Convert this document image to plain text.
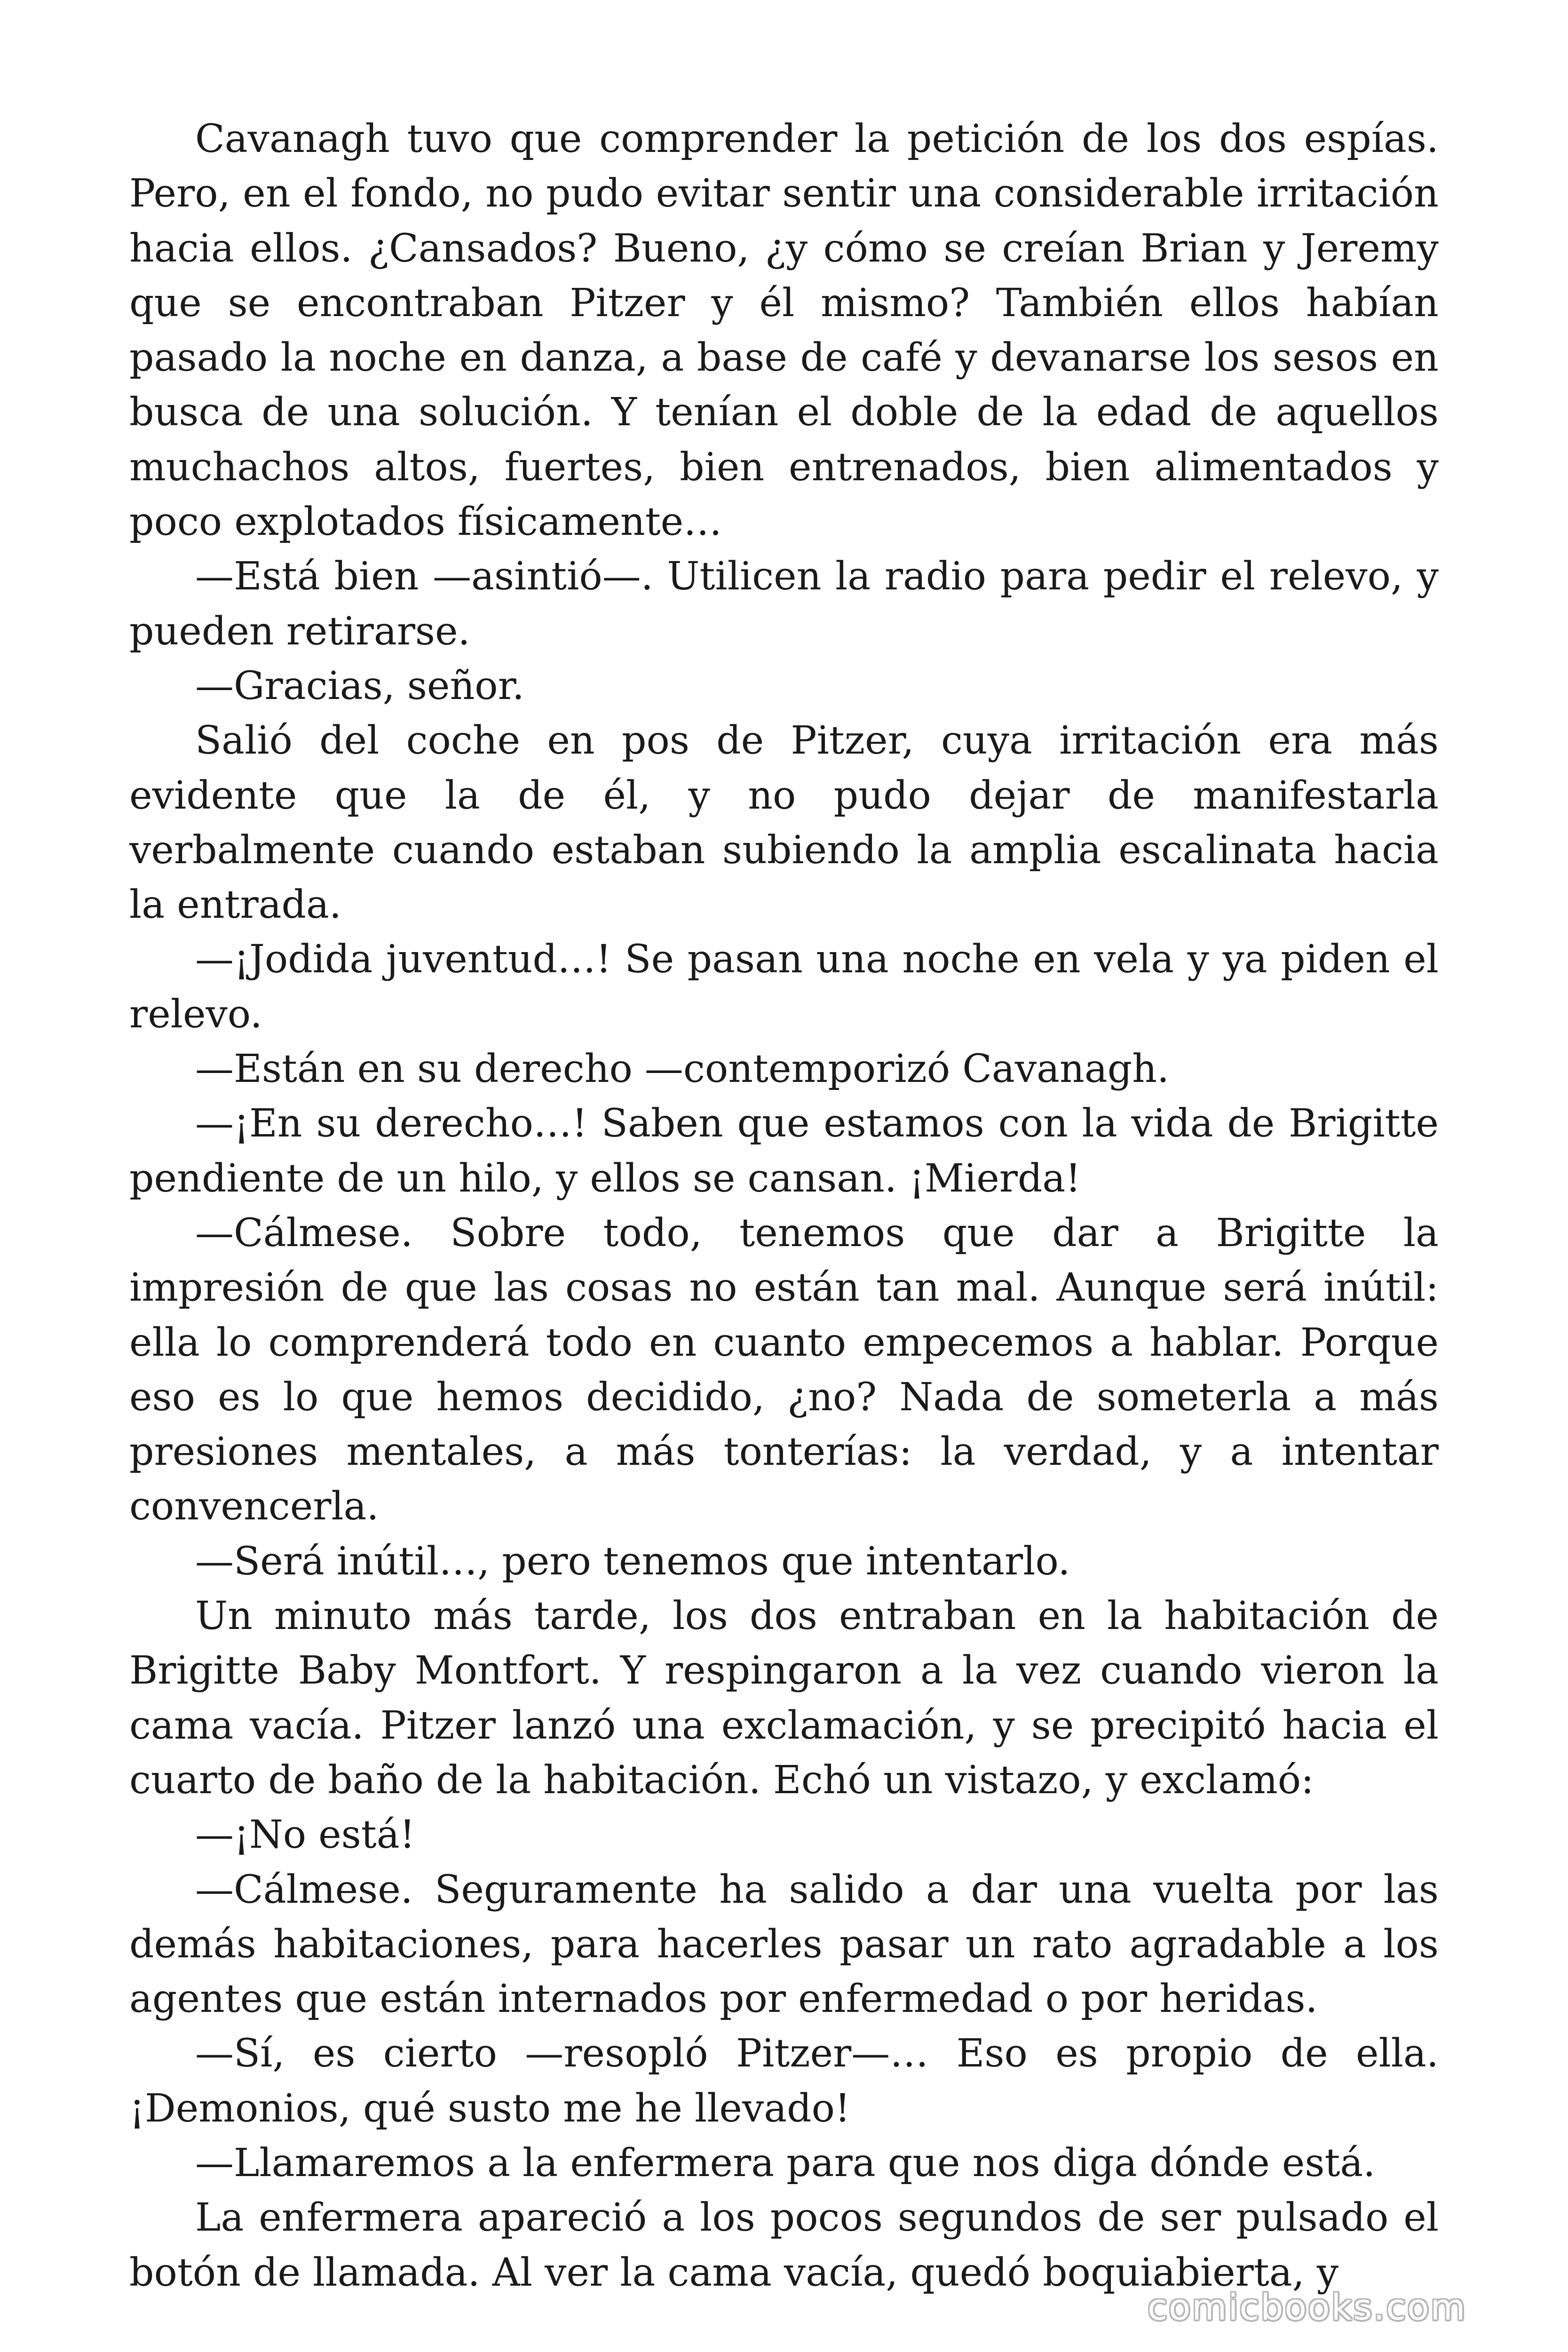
Cavanagh tuvo que comprender la petición de los dos espías. Pero, en el fondo, no pudo evitar sentir una considerable irritación hacia ellos. ¿Cansados? Bueno, ¿y cómo se creían Brian y Jeremy que se encontraban Pitzer y él mismo? También ellos habían pasado la noche en danza, a base de café y devanarse los sesos en busca de una solución. Y tenían el doble de la edad de aquellos muchachos altos, fuertes, bien entrenados, bien alimentados y poco explotados físicamente…

—Está bien —asintió—. Utilicen la radio para pedir el relevo, y pueden retirarse.

—Gracias, señor.

Salió del coche en pos de Pitzer, cuya irritación era más evidente que la de él, y no pudo dejar de manifestarla verbalmente cuando estaban subiendo la amplia escalinata hacia la entrada.

—¡Jodida juventud…! Se pasan una noche en vela y ya piden el relevo.

—Están en su derecho —contemporizó Cavanagh.

—¡En su derecho…! Saben que estamos con la vida de Brigitte pendiente de un hilo, y ellos se cansan. ¡Mierda!

—Cálmese. Sobre todo, tenemos que dar a Brigitte la impresión de que las cosas no están tan mal. Aunque será inútil: ella lo comprenderá todo en cuanto empecemos a hablar. Porque eso es lo que hemos decidido, ¿no? Nada de someterla a más presiones mentales, a más tonterías: la verdad, y a intentar convencerla.

—Será inútil…, pero tenemos que intentarlo.

Un minuto más tarde, los dos entraban en la habitación de Brigitte Baby Montfort. Y respingaron a la vez cuando vieron la cama vacía. Pitzer lanzó una exclamación, y se precipitó hacia el cuarto de baño de la habitación. Echó un vistazo, y exclamó:

—¡No está!

—Cálmese. Seguramente ha salido a dar una vuelta por las demás habitaciones, para hacerles pasar un rato agradable a los agentes que están internados por enfermedad o por heridas.

—Sí, es cierto —resopló Pitzer—… Eso es propio de ella. ¡Demonios, qué susto me he llevado!

—Llamaremos a la enfermera para que nos diga dónde está.

La enfermera apareció a los pocos segundos de ser pulsado el botón de llamada. Al ver la cama vacía, quedó boquiabierta, y

comicbooks.com
